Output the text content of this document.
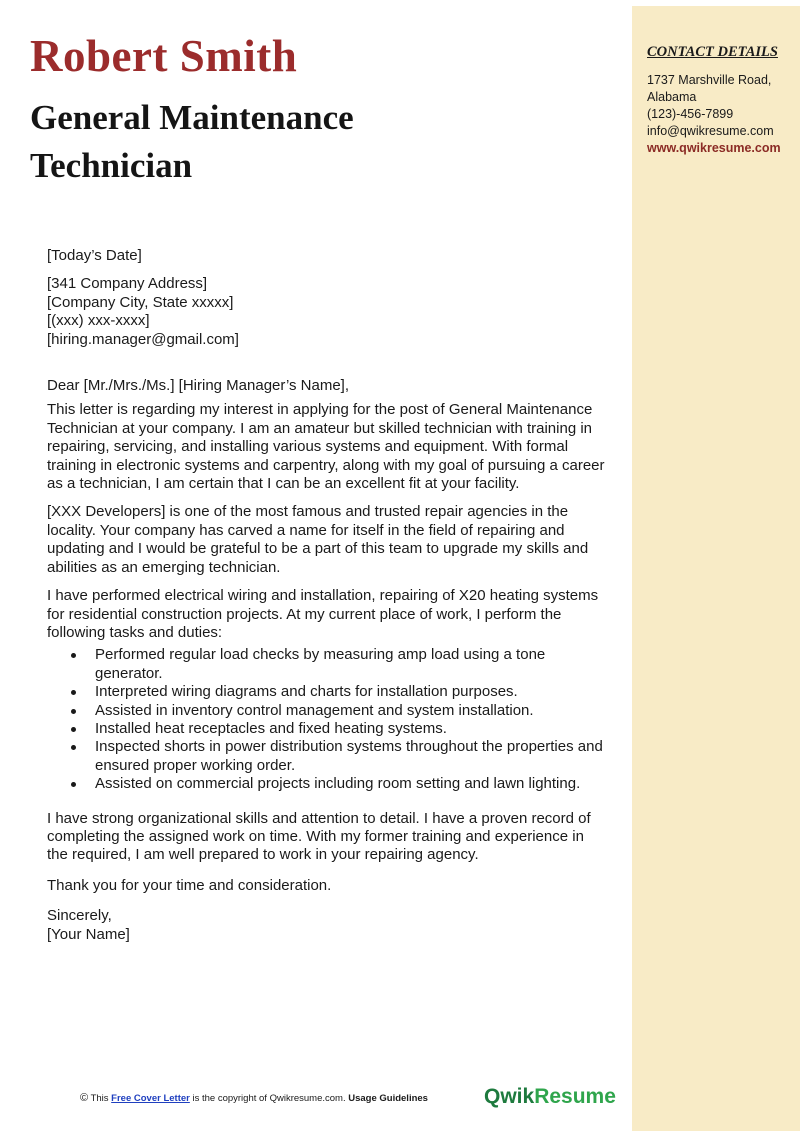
CONTACT DETAILS
1737 Marshville Road,
Alabama
(123)-456-7899
info@qwikresume.com
www.qwikresume.com
Robert Smith
General Maintenance Technician

[Today’s Date]

[341 Company Address]

[Company City, State xxxxx]

[(xxx) xxx-xxxx]

[hiring.manager@gmail.com]

Dear [Mr./Mrs./Ms.] [Hiring Manager’s Name],

This letter is regarding my interest in applying for the post of General Maintenance Technician at your company. I am an amateur but skilled technician with training in repairing, servicing, and installing various systems and equipment. With formal training in electronic systems and carpentry, along with my goal of pursuing a career as a technician, I am certain that I can be an excellent fit at your facility.

[XXX Developers] is one of the most famous and trusted repair agencies in the locality. Your company has carved a name for itself in the field of repairing and updating and I would be grateful to be a part of this team to upgrade my skills and abilities as an emerging technician.

I have performed electrical wiring and installation, repairing of X20 heating systems for residential construction projects. At my current place of work, I perform the following tasks and duties:

Performed regular load checks by measuring amp load using a tone generator.
Interpreted wiring diagrams and charts for installation purposes.
Assisted in inventory control management and system installation.
Installed heat receptacles and fixed heating systems.
Inspected shorts in power distribution systems throughout the properties and ensured proper working order.
Assisted on commercial projects including room setting and lawn lighting.

I have strong organizational skills and attention to detail. I have a proven record of completing the assigned work on time. With my former training and experience in the required, I am well prepared to work in your repairing agency.

Thank you for your time and consideration.

Sincerely,

[Your Name]

© This Free Cover Letter is the copyright of Qwikresume.com. Usage Guidelines	QwikResume
